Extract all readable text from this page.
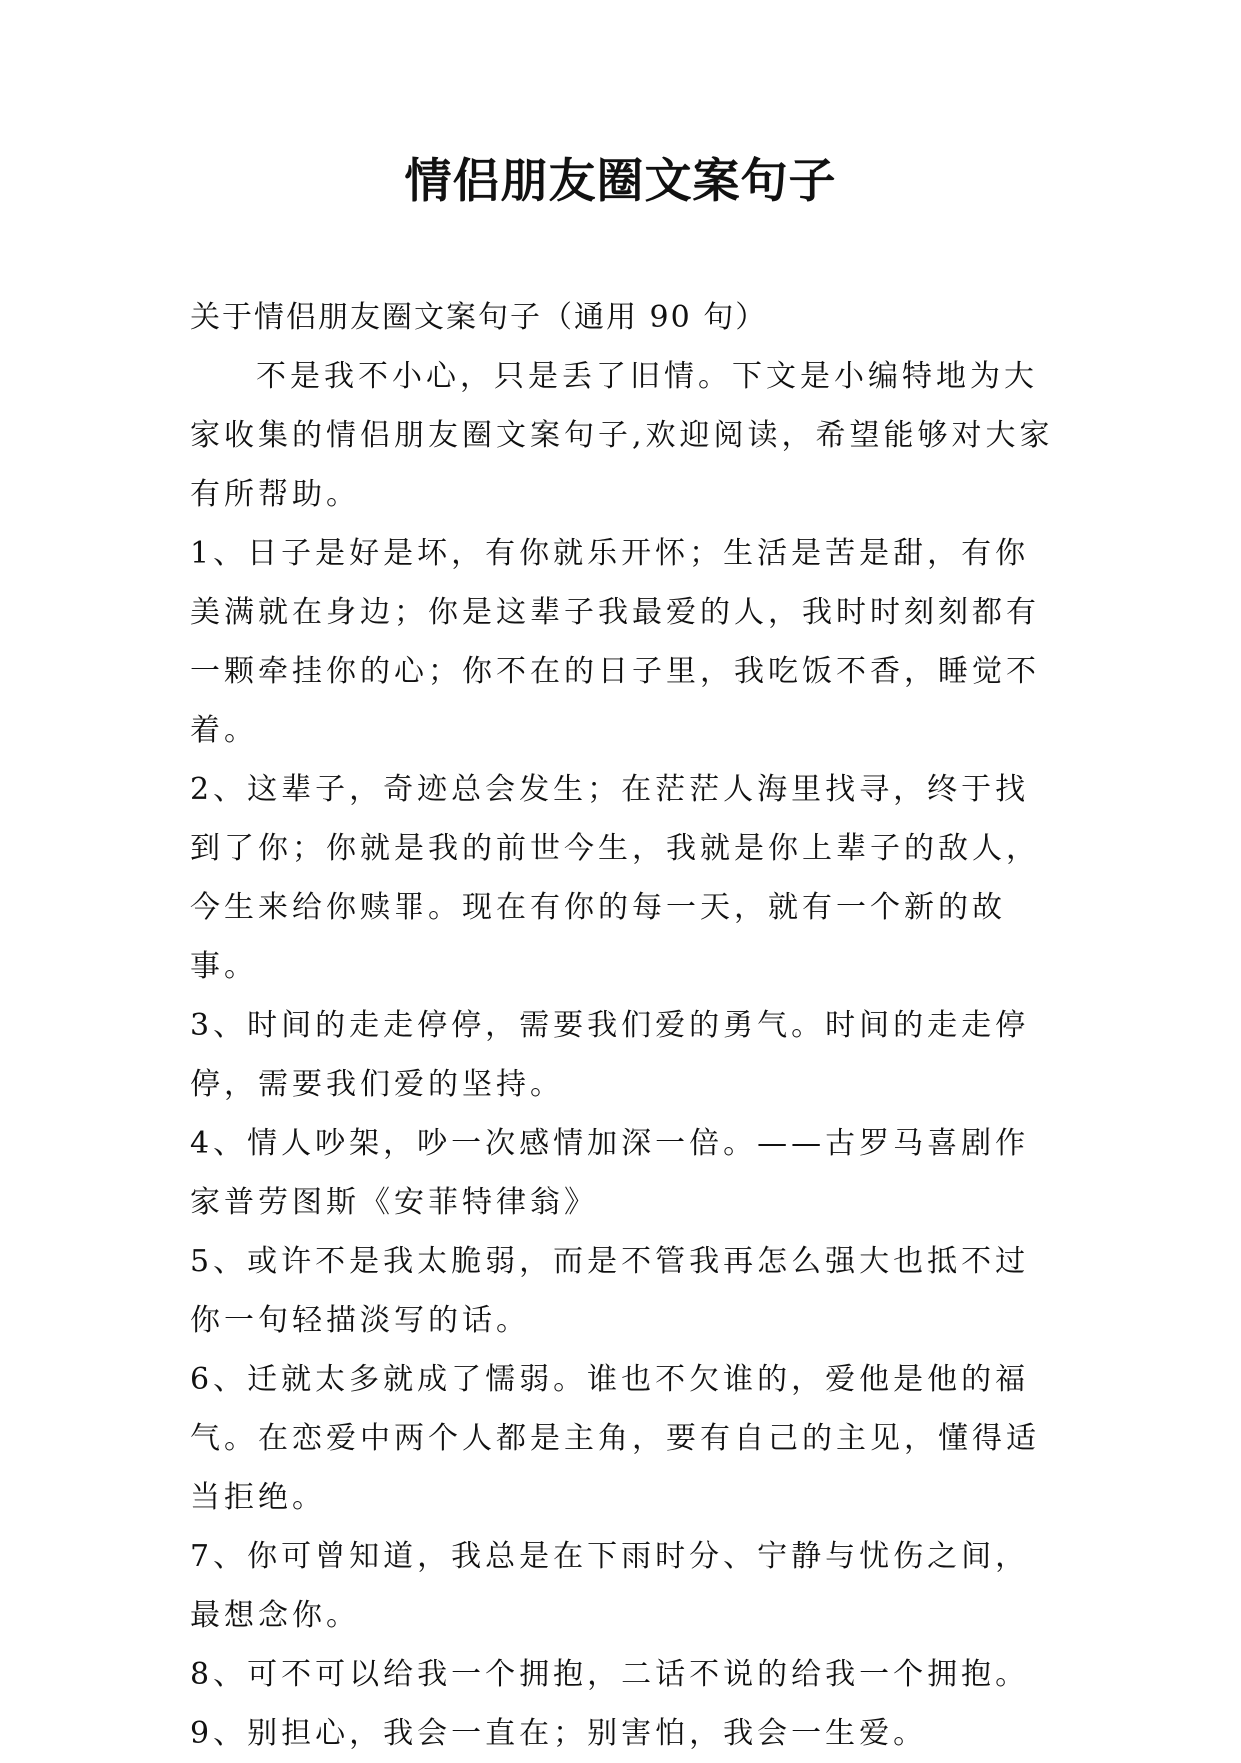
情侣朋友圈文案句子

关于情侣朋友圈文案句子（通用 90 句）

不是我不小心，只是丢了旧情。下文是小编特地为大家收集的情侣朋友圈文案句子,欢迎阅读，希望能够对大家有所帮助。

1、日子是好是坏，有你就乐开怀；生活是苦是甜，有你美满就在身边；你是这辈子我最爱的人，我时时刻刻都有一颗牵挂你的心；你不在的日子里，我吃饭不香，睡觉不着。

2、这辈子，奇迹总会发生；在茫茫人海里找寻，终于找到了你；你就是我的前世今生，我就是你上辈子的敌人，今生来给你赎罪。现在有你的每一天，就有一个新的故事。

3、时间的走走停停，需要我们爱的勇气。时间的走走停停，需要我们爱的坚持。

4、情人吵架，吵一次感情加深一倍。——古罗马喜剧作家普劳图斯《安菲特律翁》

5、或许不是我太脆弱，而是不管我再怎么强大也抵不过你一句轻描淡写的话。

6、迁就太多就成了懦弱。谁也不欠谁的，爱他是他的福气。在恋爱中两个人都是主角，要有自己的主见，懂得适当拒绝。

7、你可曾知道，我总是在下雨时分、宁静与忧伤之间，最想念你。

8、可不可以给我一个拥抱，二话不说的给我一个拥抱。

9、别担心，我会一直在；别害怕，我会一生爱。
